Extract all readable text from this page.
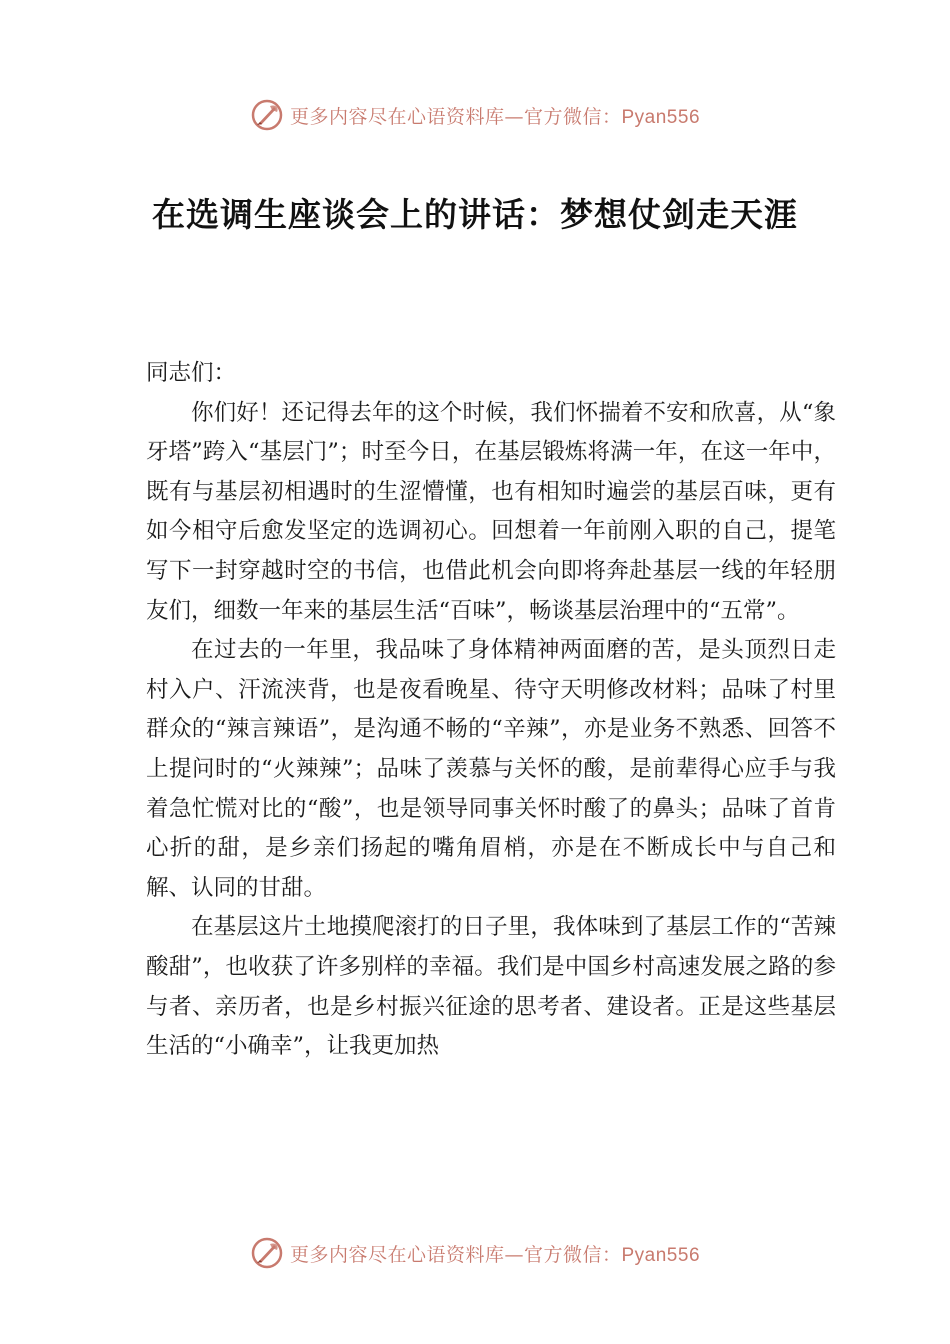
更多内容尽在心语资料库—官方微信：Pyan556
在选调生座谈会上的讲话：梦想仗剑走天涯

同志们：

你们好！还记得去年的这个时候，我们怀揣着不安和欣喜，从“象牙塔”跨入“基层门”；时至今日，在基层锻炼将满一年，在这一年中，既有与基层初相遇时的生涩懵懂，也有相知时遍尝的基层百味，更有如今相守后愈发坚定的选调初心。回想着一年前刚入职的自己，提笔写下一封穿越时空的书信，也借此机会向即将奔赴基层一线的年轻朋友们，细数一年来的基层生活“百味”，畅谈基层治理中的“五常”。

在过去的一年里，我品味了身体精神两面磨的苦，是头顶烈日走村入户、汗流浃背，也是夜看晚星、待守天明修改材料；品味了村里群众的“辣言辣语”，是沟通不畅的“辛辣”，亦是业务不熟悉、回答不上提问时的“火辣辣”；品味了羡慕与关怀的酸，是前辈得心应手与我着急忙慌对比的“酸”，也是领导同事关怀时酸了的鼻头；品味了首肯心折的甜，是乡亲们扬起的嘴角眉梢，亦是在不断成长中与自己和解、认同的甘甜。

在基层这片土地摸爬滚打的日子里，我体味到了基层工作的“苦辣酸甜”，也收获了许多别样的幸福。我们是中国乡村高速发展之路的参与者、亲历者，也是乡村振兴征途的思考者、建设者。正是这些基层生活的“小确幸”，让我更加热

更多内容尽在心语资料库—官方微信：Pyan556
